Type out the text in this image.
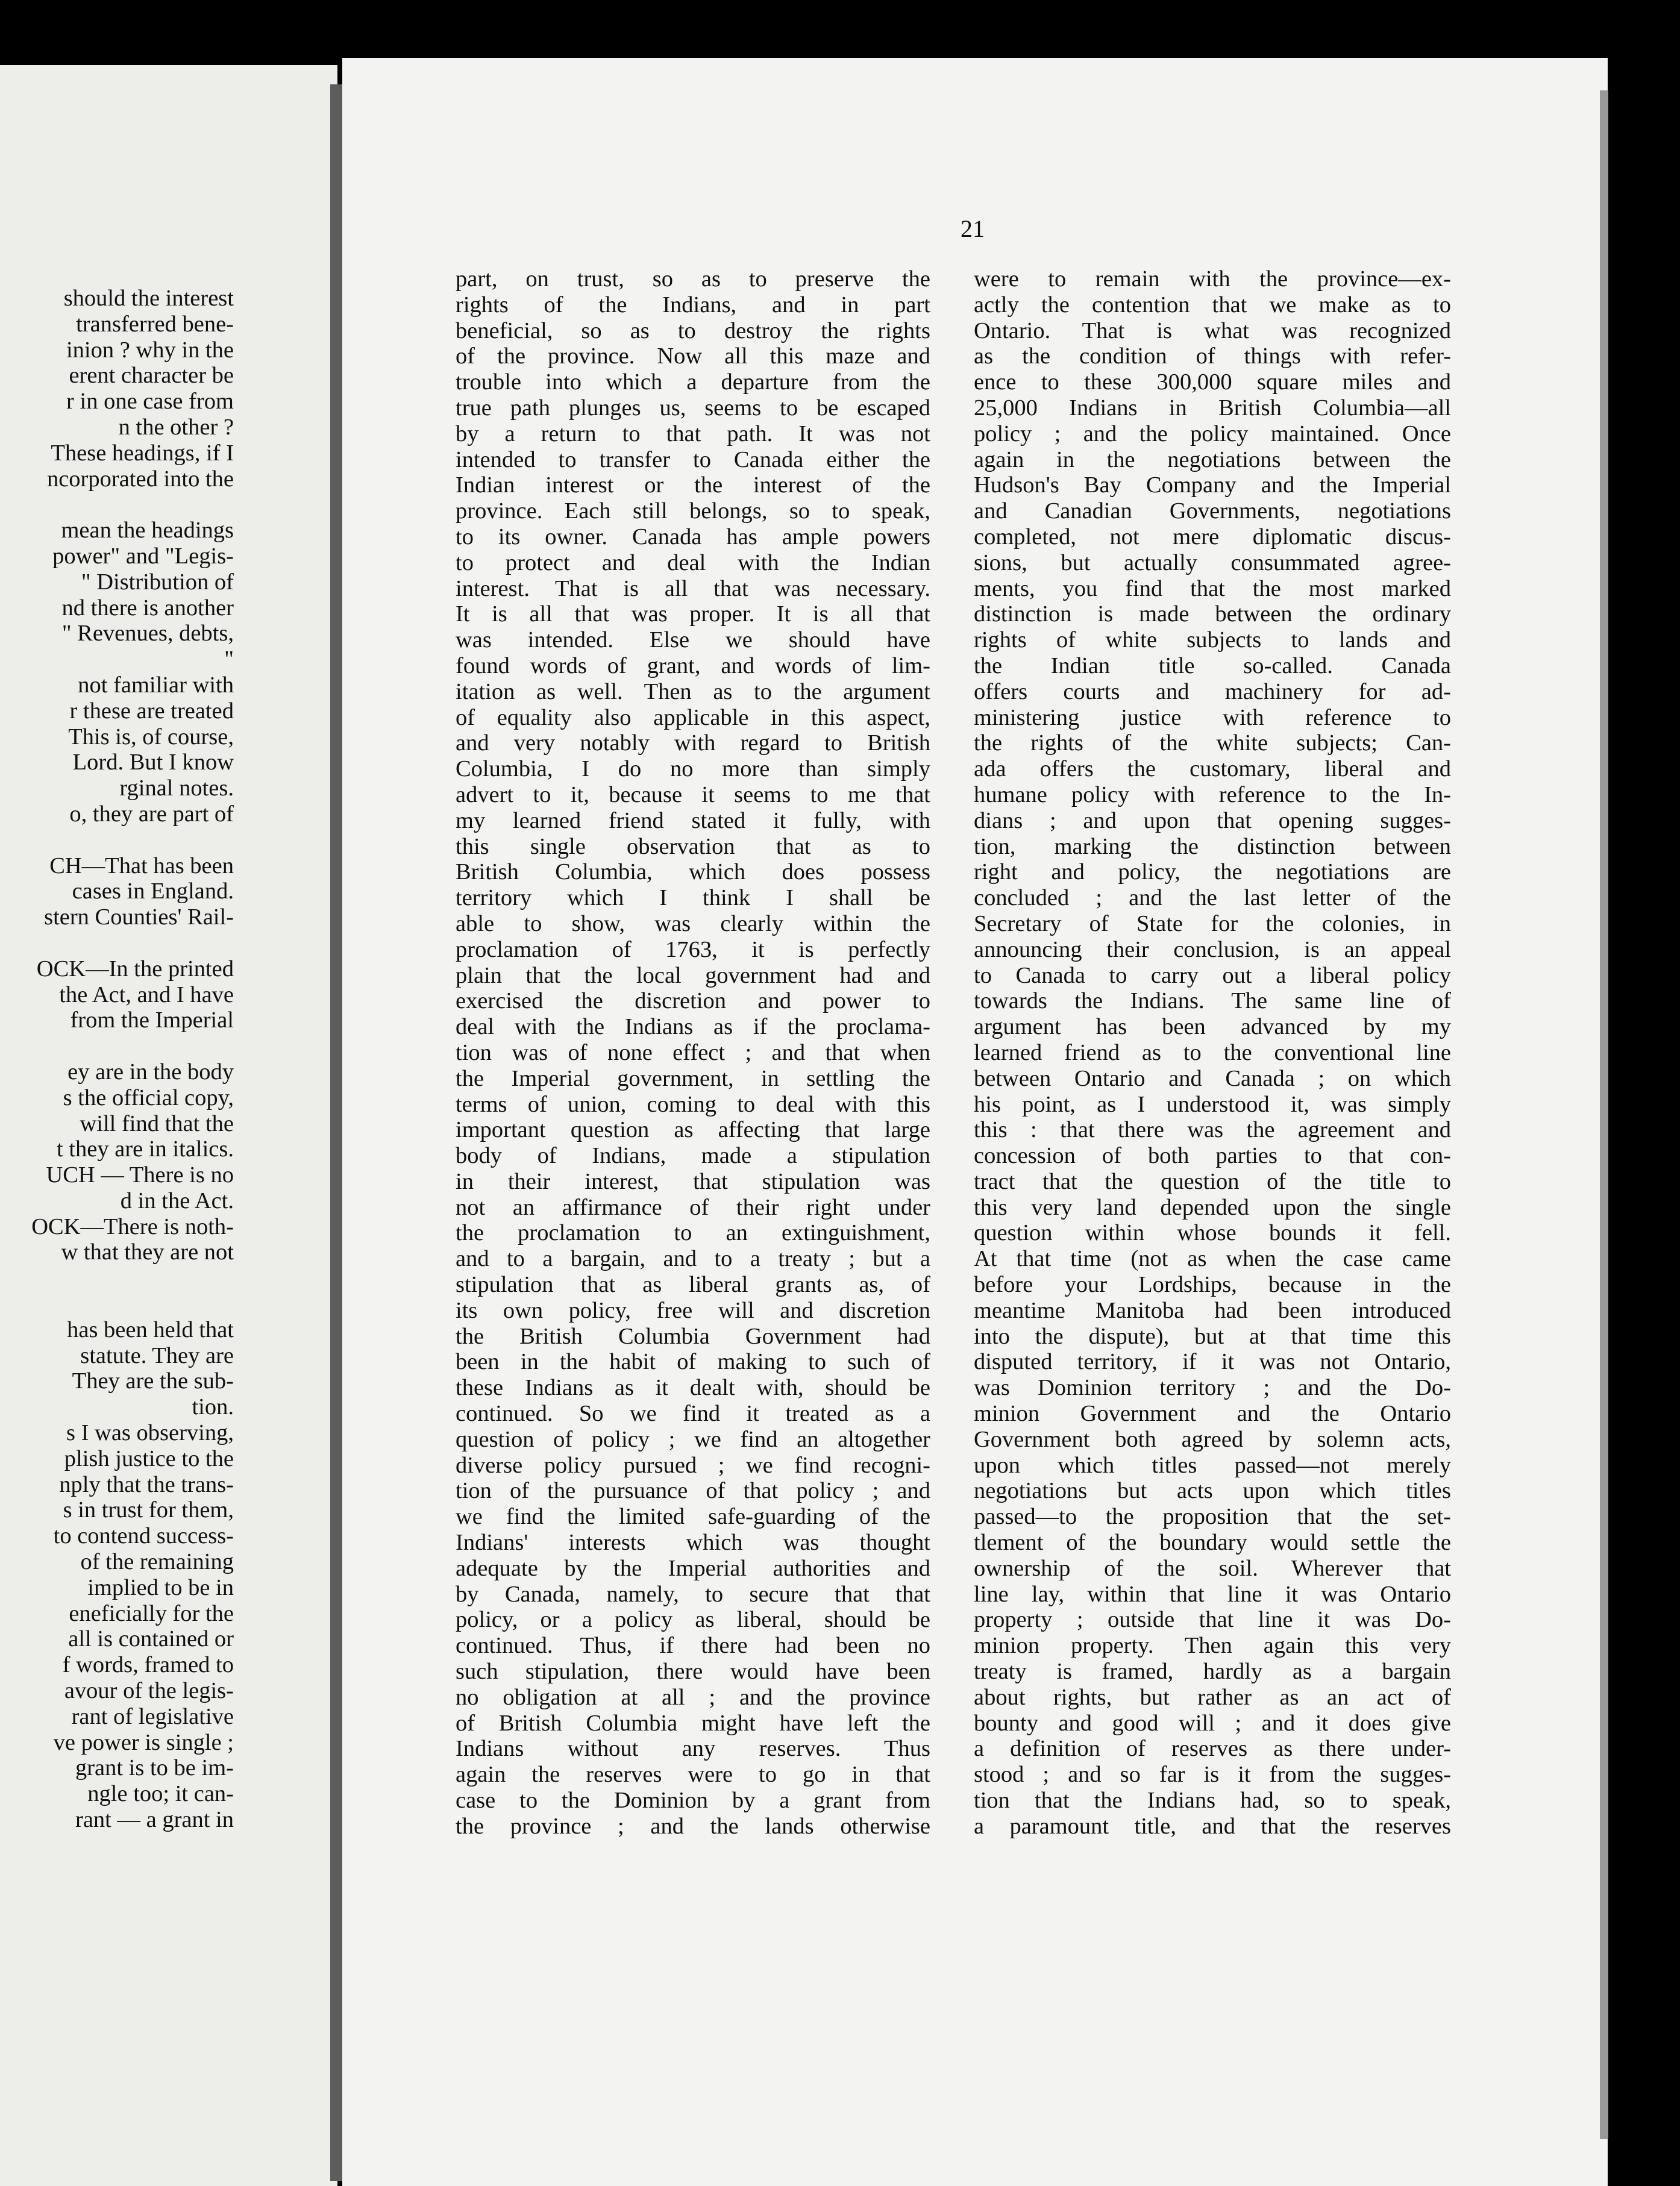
should the interest
transferred bene-
inion ? why in the
erent character be
r in one case from
n the other ?
These headings, if I
ncorporated into the

mean the headings
power" and "Legis-
" Distribution of
nd there is another
" Revenues, debts,
"
not familiar with
r these are treated
This is, of course,
Lord. But I know
rginal notes.
o, they are part of

CH—That has been
cases in England.
stern Counties' Rail-

OCK—In the printed
the Act, and I have
from the Imperial

ey are in the body
s the official copy,
will find that the
t they are in italics.
UCH — There is no
d in the Act.
OCK—There is noth-
w that they are not

has been held that
statute. They are
They are the sub-
tion.
s I was observing,
plish justice to the
nply that the trans-
s in trust for them,
to contend success-
of the remaining
implied to be in
eneficially for the
all is contained or
f words, framed to
avour of the legis-
rant of legislative
ve power is single ;
grant is to be im-
ngle too; it can-
rant — a grant in
21
part, on trust, so as to preserve the
rights of the Indians, and in part
beneficial, so as to destroy the rights
of the province. Now all this maze and
trouble into which a departure from the
true path plunges us, seems to be escaped
by a return to that path. It was not
intended to transfer to Canada either the
Indian interest or the interest of the
province. Each still belongs, so to speak,
to its owner. Canada has ample powers
to protect and deal with the Indian
interest. That is all that was necessary.
It is all that was proper. It is all that
was intended. Else we should have
found words of grant, and words of lim-
itation as well. Then as to the argument
of equality also applicable in this aspect,
and very notably with regard to British
Columbia, I do no more than simply
advert to it, because it seems to me that
my learned friend stated it fully, with
this single observation that as to
British Columbia, which does possess
territory which I think I shall be
able to show, was clearly within the
proclamation of 1763, it is perfectly
plain that the local government had and
exercised the discretion and power to
deal with the Indians as if the proclama-
tion was of none effect ; and that when
the Imperial government, in settling the
terms of union, coming to deal with this
important question as affecting that large
body of Indians, made a stipulation
in their interest, that stipulation was
not an affirmance of their right under
the proclamation to an extinguishment,
and to a bargain, and to a treaty ; but a
stipulation that as liberal grants as, of
its own policy, free will and discretion
the British Columbia Government had
been in the habit of making to such of
these Indians as it dealt with, should be
continued. So we find it treated as a
question of policy ; we find an altogether
diverse policy pursued ; we find recogni-
tion of the pursuance of that policy ; and
we find the limited safe-guarding of the
Indians' interests which was thought
adequate by the Imperial authorities and
by Canada, namely, to secure that that
policy, or a policy as liberal, should be
continued. Thus, if there had been no
such stipulation, there would have been
no obligation at all ; and the province
of British Columbia might have left the
Indians without any reserves. Thus
again the reserves were to go in that
case to the Dominion by a grant from
the province ; and the lands otherwise
were to remain with the province—ex-
actly the contention that we make as to
Ontario. That is what was recognized
as the condition of things with refer-
ence to these 300,000 square miles and
25,000 Indians in British Columbia—all
policy ; and the policy maintained. Once
again in the negotiations between the
Hudson's Bay Company and the Imperial
and Canadian Governments, negotiations
completed, not mere diplomatic discus-
sions, but actually consummated agree-
ments, you find that the most marked
distinction is made between the ordinary
rights of white subjects to lands and
the Indian title so-called. Canada
offers courts and machinery for ad-
ministering justice with reference to
the rights of the white subjects; Can-
ada offers the customary, liberal and
humane policy with reference to the In-
dians ; and upon that opening sugges-
tion, marking the distinction between
right and policy, the negotiations are
concluded ; and the last letter of the
Secretary of State for the colonies, in
announcing their conclusion, is an appeal
to Canada to carry out a liberal policy
towards the Indians. The same line of
argument has been advanced by my
learned friend as to the conventional line
between Ontario and Canada ; on which
his point, as I understood it, was simply
this : that there was the agreement and
concession of both parties to that con-
tract that the question of the title to
this very land depended upon the single
question within whose bounds it fell.
At that time (not as when the case came
before your Lordships, because in the
meantime Manitoba had been introduced
into the dispute), but at that time this
disputed territory, if it was not Ontario,
was Dominion territory ; and the Do-
minion Government and the Ontario
Government both agreed by solemn acts,
upon which titles passed—not merely
negotiations but acts upon which titles
passed—to the proposition that the set-
tlement of the boundary would settle the
ownership of the soil. Wherever that
line lay, within that line it was Ontario
property ; outside that line it was Do-
minion property. Then again this very
treaty is framed, hardly as a bargain
about rights, but rather as an act of
bounty and good will ; and it does give
a definition of reserves as there under-
stood ; and so far is it from the sugges-
tion that the Indians had, so to speak,
a paramount title, and that the reserves
